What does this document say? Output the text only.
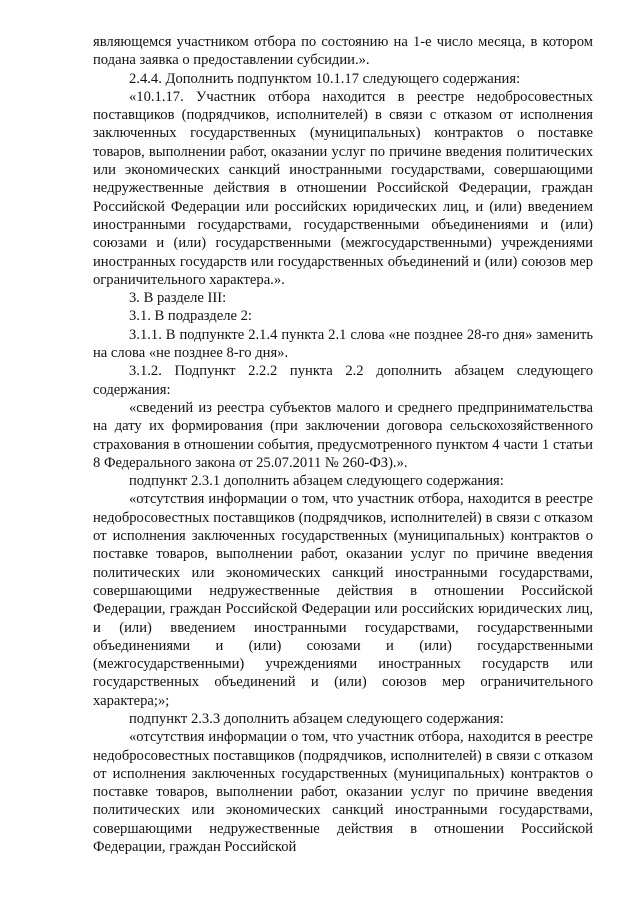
являющемся участником отбора по состоянию на 1-е число месяца, в котором подана заявка о предоставлении субсидии.».

2.4.4. Дополнить подпунктом 10.1.17 следующего содержания:

«10.1.17. Участник отбора находится в реестре недобросовестных поставщиков (подрядчиков, исполнителей) в связи с отказом от исполнения заключенных государственных (муниципальных) контрактов о поставке товаров, выполнении работ, оказании услуг по причине введения политических или экономических санкций иностранными государствами, совершающими недружественные действия в отношении Российской Федерации, граждан Российской Федерации или российских юридических лиц, и (или) введением иностранными государствами, государственными объединениями и (или) союзами и (или) государственными (межгосударственными) учреждениями иностранных государств или государственных объединений и (или) союзов мер ограничительного характера.».

3. В разделе III:

3.1. В подразделе 2:

3.1.1. В подпункте 2.1.4 пункта 2.1 слова «не позднее 28-го дня» заменить на слова «не позднее 8-го дня».

3.1.2. Подпункт 2.2.2 пункта 2.2 дополнить абзацем следующего содержания:

«сведений из реестра субъектов малого и среднего предпринимательства на дату их формирования (при заключении договора сельскохозяйственного страхования в отношении события, предусмотренного пунктом 4 части 1 статьи 8 Федерального закона от 25.07.2011 № 260-ФЗ).».

подпункт 2.3.1 дополнить абзацем следующего содержания:

«отсутствия информации о том, что участник отбора, находится в реестре недобросовестных поставщиков (подрядчиков, исполнителей) в связи с отказом от исполнения заключенных государственных (муниципальных) контрактов о поставке товаров, выполнении работ, оказании услуг по причине введения политических или экономических санкций иностранными государствами, совершающими недружественные действия в отношении Российской Федерации, граждан Российской Федерации или российских юридических лиц, и (или) введением иностранными государствами, государственными объединениями и (или) союзами и (или) государственными (межгосударственными) учреждениями иностранных государств или государственных объединений и (или) союзов мер ограничительного характера;»;

подпункт 2.3.3 дополнить абзацем следующего содержания:

«отсутствия информации о том, что участник отбора, находится в реестре недобросовестных поставщиков (подрядчиков, исполнителей) в связи с отказом от исполнения заключенных государственных (муниципальных) контрактов о поставке товаров, выполнении работ, оказании услуг по причине введения политических или экономических санкций иностранными государствами, совершающими недружественные действия в отношении Российской Федерации, граждан Российской
